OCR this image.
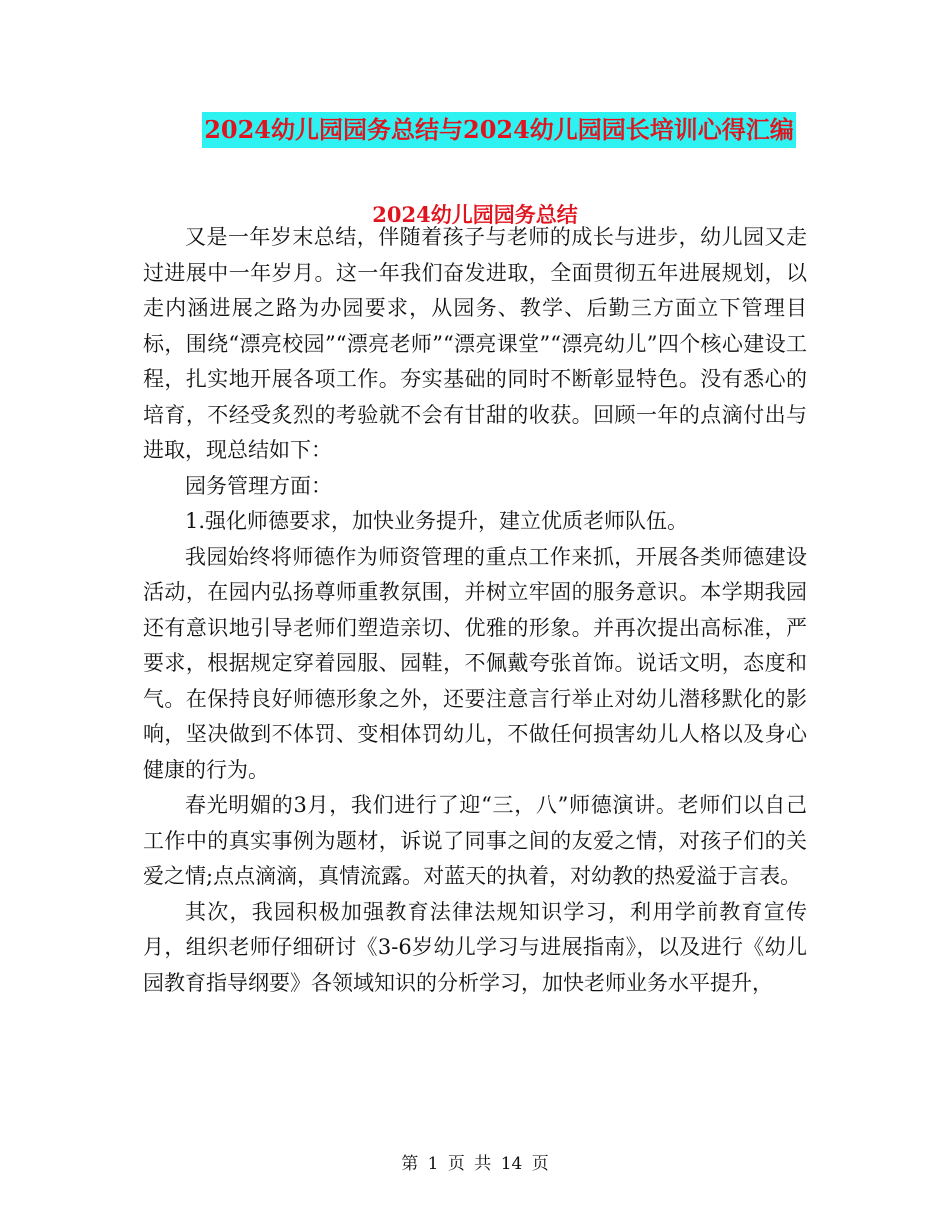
2024幼儿园园务总结与2024幼儿园园长培训心得汇编
2024幼儿园园务总结

又是一年岁末总结，伴随着孩子与老师的成长与进步，幼儿园又走过进展中一年岁月。这一年我们奋发进取，全面贯彻五年进展规划，以走内涵进展之路为办园要求，从园务、教学、后勤三方面立下管理目标，围绕“漂亮校园”“漂亮老师”“漂亮课堂”“漂亮幼儿”四个核心建设工程，扎实地开展各项工作。夯实基础的同时不断彰显特色。没有悉心的培育，不经受炙烈的考验就不会有甘甜的收获。回顾一年的点滴付出与进取，现总结如下：

园务管理方面：

1.强化师德要求，加快业务提升，建立优质老师队伍。

我园始终将师德作为师资管理的重点工作来抓，开展各类师德建设活动，在园内弘扬尊师重教氛围，并树立牢固的服务意识。本学期我园还有意识地引导老师们塑造亲切、优雅的形象。并再次提出高标准，严要求，根据规定穿着园服、园鞋，不佩戴夸张首饰。说话文明，态度和气。在保持良好师德形象之外，还要注意言行举止对幼儿潜移默化的影响，坚决做到不体罚、变相体罚幼儿，不做任何损害幼儿人格以及身心健康的行为。

春光明媚的3月，我们进行了迎“三，八”师德演讲。老师们以自己工作中的真实事例为题材，诉说了同事之间的友爱之情，对孩子们的关爱之情;点点滴滴，真情流露。对蓝天的执着，对幼教的热爱溢于言表。

其次，我园积极加强教育法律法规知识学习，利用学前教育宣传月，组织老师仔细研讨《3-6岁幼儿学习与进展指南》，以及进行《幼儿园教育指导纲要》各领域知识的分析学习，加快老师业务水平提升，

第 1 页 共 14 页
